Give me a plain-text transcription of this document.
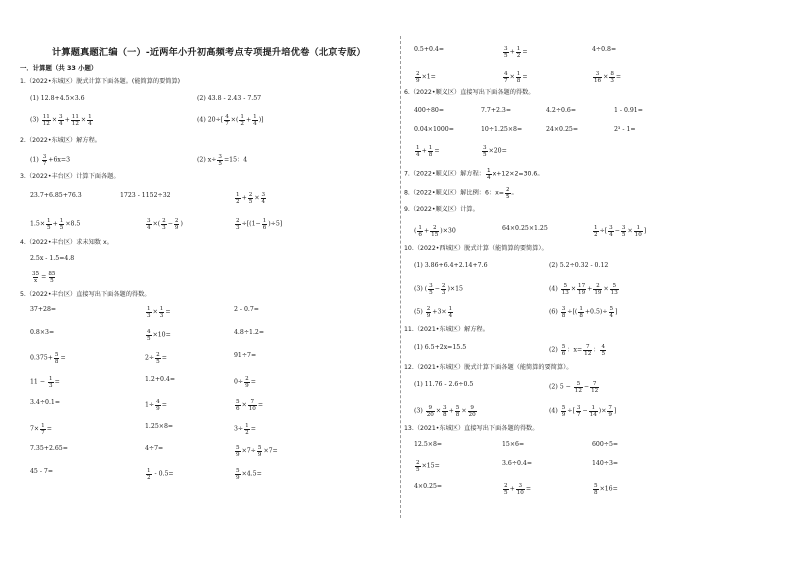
计算题真题汇编（一）-近两年小升初高频考点专项提升培优卷（北京专版）
一．计算题（共 33 小题）
1.（2022•东城区）脱式计算下面各题。(能简算的要简算)
(1) 12.8+4.5×3.6	(2) 43.8 - 2.43 - 7.57
$(3) \frac{11}{12} \times \frac{3}{4} + \frac{11}{12} \times \frac{1}{4}$	(4) $20\div[ \frac{4}{7}$ ×( $\frac{1}{2} + \frac{1}{4}$ )]
2.（2022•东城区）解方程。
$(1) \frac{3}{7} +6x=3$	(2) $x\div \frac{3}{5} =15$：4
3.（2022•丰台区）计算下面各题。
23.7+6.85+76.3	1723 - 1152÷32	$\frac{1}{2} + \frac{2}{5} \times \frac{3}{4}$
$1.5\times \frac{1}{5} + \frac{1}{5} \times 8.5$	$\frac{3}{4}$ ×( $\frac{2}{3} - \frac{2}{9}$ )	$\frac{2}{3} \div[(1- \frac{1}{6} )\div 5]$
4.（2022•丰台区）求未知数 x。
2.5x - 1.5=4.8
$\frac{35}{x} = \frac{85}{5}$
5.（2022•丰台区）直接写出下面各题的得数。
37+28=	$\frac{1}{3} \times \frac{1}{3}$ =	2 - 0.7=
0.8×3=	$\frac{4}{5} \times 10=$	4.8÷1.2=
$0.375+ \frac{5}{8}$ =	$2\div \frac{2}{5}$ =	91÷7=
$11 - \frac{1}{3}$ =	1.2+0.4=	$0\div \frac{2}{9}$ =
3.4÷0.1=	$1\div \frac{4}{9}$ =	$\frac{5}{6} \times \frac{7}{10}$ =
$7\times \frac{1}{7}$ =	1.25×8=	$3\div \frac{1}{2}$ =
7.35+2.65=	4÷7=	$\frac{5}{9} \times 7\div \frac{5}{9} \times 7=$
45 - 7=	$\frac{1}{2} - 0.5=$	$\frac{5}{9} \times 4.5=$
0.5+0.4=	$\frac{3}{5} + \frac{1}{2}$ =	4÷0.8=
$\frac{2}{9} \times 1=$	$\frac{4}{7} \times \frac{1}{8}$ =	$\frac{3}{16} \times \frac{8}{3}$ =
6.（2022•顺义区）直接写出下面各题的得数。
400÷80=	7.7+2.3=	4.2÷0.6=	1 - 0.91=
0.04×1000=	10÷1.25×8=	24×0.25=	2³ - 1=
$\frac{1}{4} + \frac{1}{8}$ =	$\frac{3}{5} \times 20=$
7.（2022•顺义区）解方程： $\frac{1}{4} x+12\times 2=30.6$。
8.（2022•顺义区）解比例：6：$x= \frac{2}{5}$ 。
9.（2022•顺义区）计算。
( $\frac{1}{6} + \frac{2}{15} )\times 30$	64×0.25×1.25	$\frac{1}{2}$ ÷[ $\frac{3}{4} - \frac{3}{5} \times \frac{1}{10}$ ]
10.（2022•西城区）脱式计算（能简算的要简算）。
(1) 3.86+6.4+2.14+7.6	(2) 5.2÷0.32 - 0.12
(3) ( $\frac{3}{5} - \frac{2}{3} )\times 15$	$(4) \frac{5}{13} \times \frac{17}{19} + \frac{2}{19} \times \frac{5}{13}$
$(5) \frac{2}{9} +3\times \frac{1}{4}$	$(6) \frac{3}{8}$ ÷[( $\frac{1}{8} +0.5)\div \frac{5}{4}$ ]
11.（2021•东城区）解方程。
(1) 6.5+2x=15.5	$(2) \frac{5}{6}$ ：$x= \frac{7}{12}$ ： $\frac{4}{5}$
12.（2021•东城区）脱式计算下面各题（能简算的要简算）。
(1) 11.76 - 2.6÷0.5	(2) $5 - \frac{5}{12} - \frac{7}{12}$
$(3) \frac{9}{20} \times \frac{3}{8} + \frac{5}{8} \times \frac{9}{20}$	$(4) \frac{5}{9}$ ÷[ $\frac{3}{7} - \frac{1}{14}$ )× $\frac{7}{9}$ ]
13.（2021•东城区）直接写出下面各题的得数。
12.5×8=	15×6=	600÷5=
$\frac{2}{5} \times 15=$	3.6÷0.4=	140÷3=
4×0.25=	$\frac{2}{5} + \frac{3}{10}$ =	$\frac{5}{8} \times 16=$
